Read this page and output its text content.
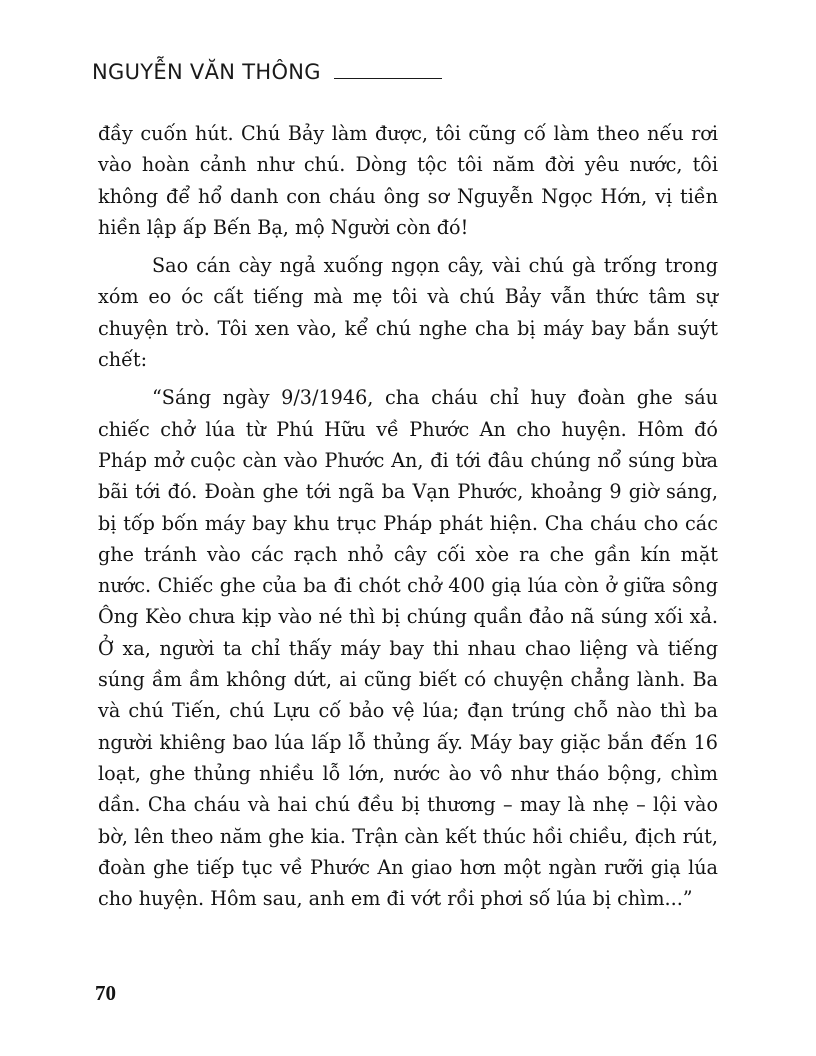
NGUYỄN VĂN THÔNG

đầy cuốn hút. Chú Bảy làm được, tôi cũng cố làm theo nếu rơi vào hoàn cảnh như chú. Dòng tộc tôi năm đời yêu nước, tôi không để hổ danh con cháu ông sơ Nguyễn Ngọc Hớn, vị tiền hiền lập ấp Bến Bạ, mộ Người còn đó!

Sao cán cày ngả xuống ngọn cây, vài chú gà trống trong xóm eo óc cất tiếng mà mẹ tôi và chú Bảy vẫn thức tâm sự chuyện trò. Tôi xen vào, kể chú nghe cha bị máy bay bắn suýt chết:

“Sáng ngày 9/3/1946, cha cháu chỉ huy đoàn ghe sáu chiếc chở lúa từ Phú Hữu về Phước An cho huyện. Hôm đó Pháp mở cuộc càn vào Phước An, đi tới đâu chúng nổ súng bừa bãi tới đó. Đoàn ghe tới ngã ba Vạn Phước, khoảng 9 giờ sáng, bị tốp bốn máy bay khu trục Pháp phát hiện. Cha cháu cho các ghe tránh vào các rạch nhỏ cây cối xòe ra che gần kín mặt nước. Chiếc ghe của ba đi chót chở 400 giạ lúa còn ở giữa sông Ông Kèo chưa kịp vào né thì bị chúng quần đảo nã súng xối xả. Ở xa, người ta chỉ thấy máy bay thi nhau chao liệng và tiếng súng ầm ầm không dứt, ai cũng biết có chuyện chẳng lành. Ba và chú Tiến, chú Lựu cố bảo vệ lúa; đạn trúng chỗ nào thì ba người khiêng bao lúa lấp lỗ thủng ấy. Máy bay giặc bắn đến 16 loạt, ghe thủng nhiều lỗ lớn, nước ào vô như tháo bộng, chìm dần. Cha cháu và hai chú đều bị thương – may là nhẹ – lội vào bờ, lên theo năm ghe kia. Trận càn kết thúc hồi chiều, địch rút, đoàn ghe tiếp tục về Phước An giao hơn một ngàn rưỡi giạ lúa cho huyện. Hôm sau, anh em đi vớt rồi phơi số lúa bị chìm...”

70
